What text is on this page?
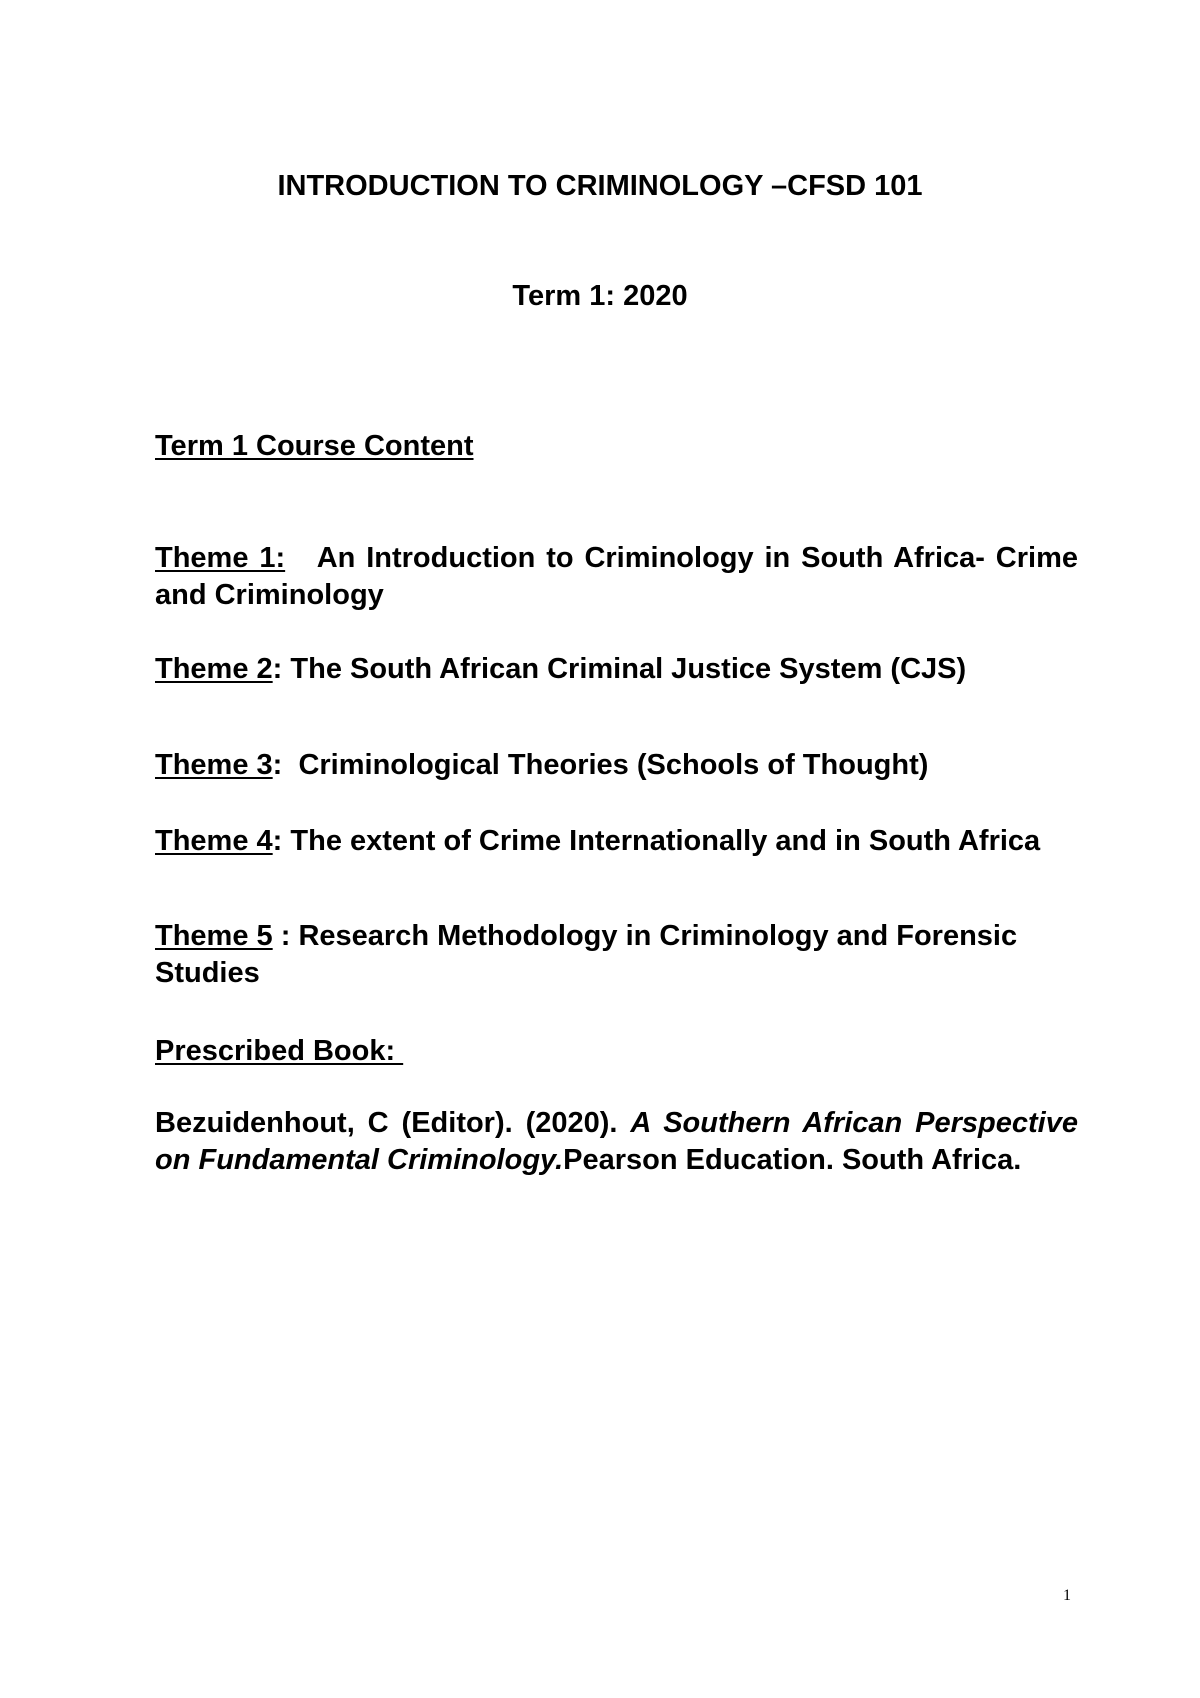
INTRODUCTION TO CRIMINOLOGY –CFSD 101
Term 1: 2020
Term 1 Course Content
Theme 1: An Introduction to Criminology in South Africa- Crime and Criminology
Theme 2: The South African Criminal Justice System (CJS)
Theme 3:  Criminological Theories (Schools of Thought)
Theme 4: The extent of Crime Internationally and in South Africa
Theme 5 : Research Methodology in Criminology and Forensic Studies
Prescribed Book:
Bezuidenhout, C (Editor). (2020). A Southern African Perspective on Fundamental Criminology.Pearson Education. South Africa.
1
